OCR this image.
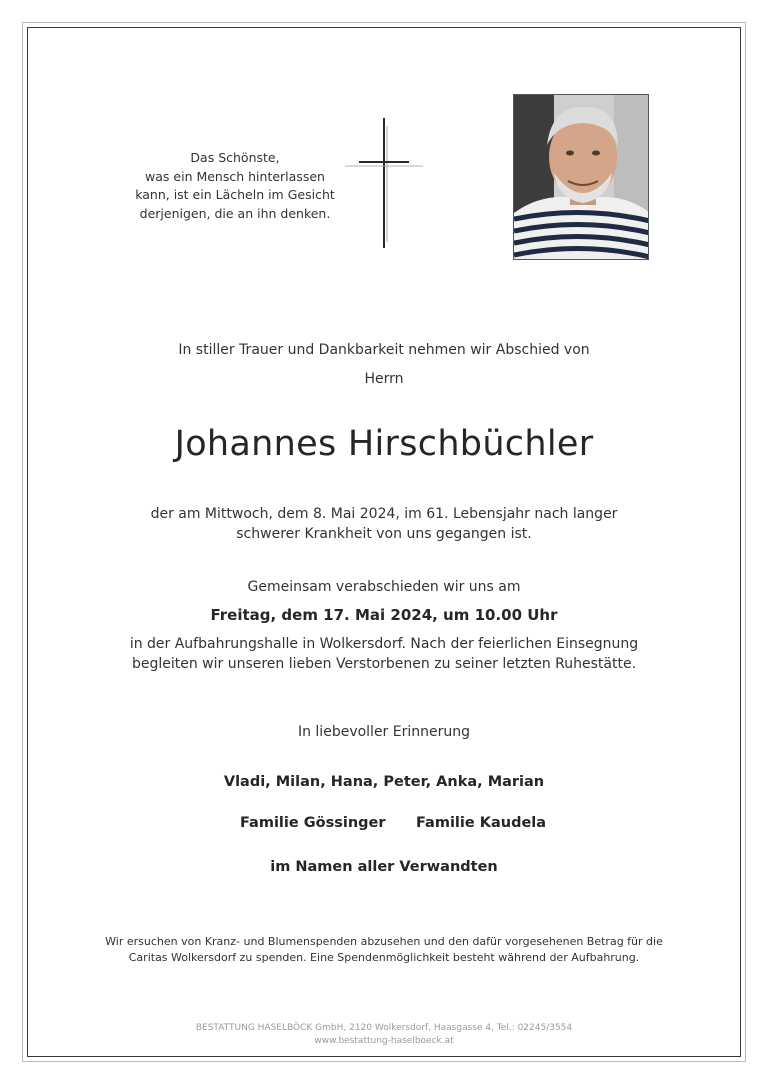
Das Schönste,
was ein Mensch hinterlassen
kann, ist ein Lächeln im Gesicht
derjenigen, die an ihn denken.
In stiller Trauer und Dankbarkeit nehmen wir Abschied von
Herrn
Johannes Hirschbüchler
der am Mittwoch, dem 8. Mai 2024, im 61. Lebensjahr nach langer
schwerer Krankheit von uns gegangen ist.
Gemeinsam verabschieden wir uns am
Freitag, dem 17. Mai 2024, um 10.00 Uhr
in der Aufbahrungshalle in Wolkersdorf. Nach der feierlichen Einsegnung
begleiten wir unseren lieben Verstorbenen zu seiner letzten Ruhestätte.
In liebevoller Erinnerung
Vladi, Milan, Hana, Peter, Anka, Marian
Familie Gössinger Familie Kaudela
im Namen aller Verwandten
Wir ersuchen von Kranz- und Blumenspenden abzusehen und den dafür vorgesehenen Betrag für die
Caritas Wolkersdorf zu spenden. Eine Spendenmöglichkeit besteht während der Aufbahrung.
BESTATTUNG HASELBÖCK GmbH, 2120 Wolkersdorf, Haasgasse 4, Tel.: 02245/3554
www.bestattung-haselboeck.at
